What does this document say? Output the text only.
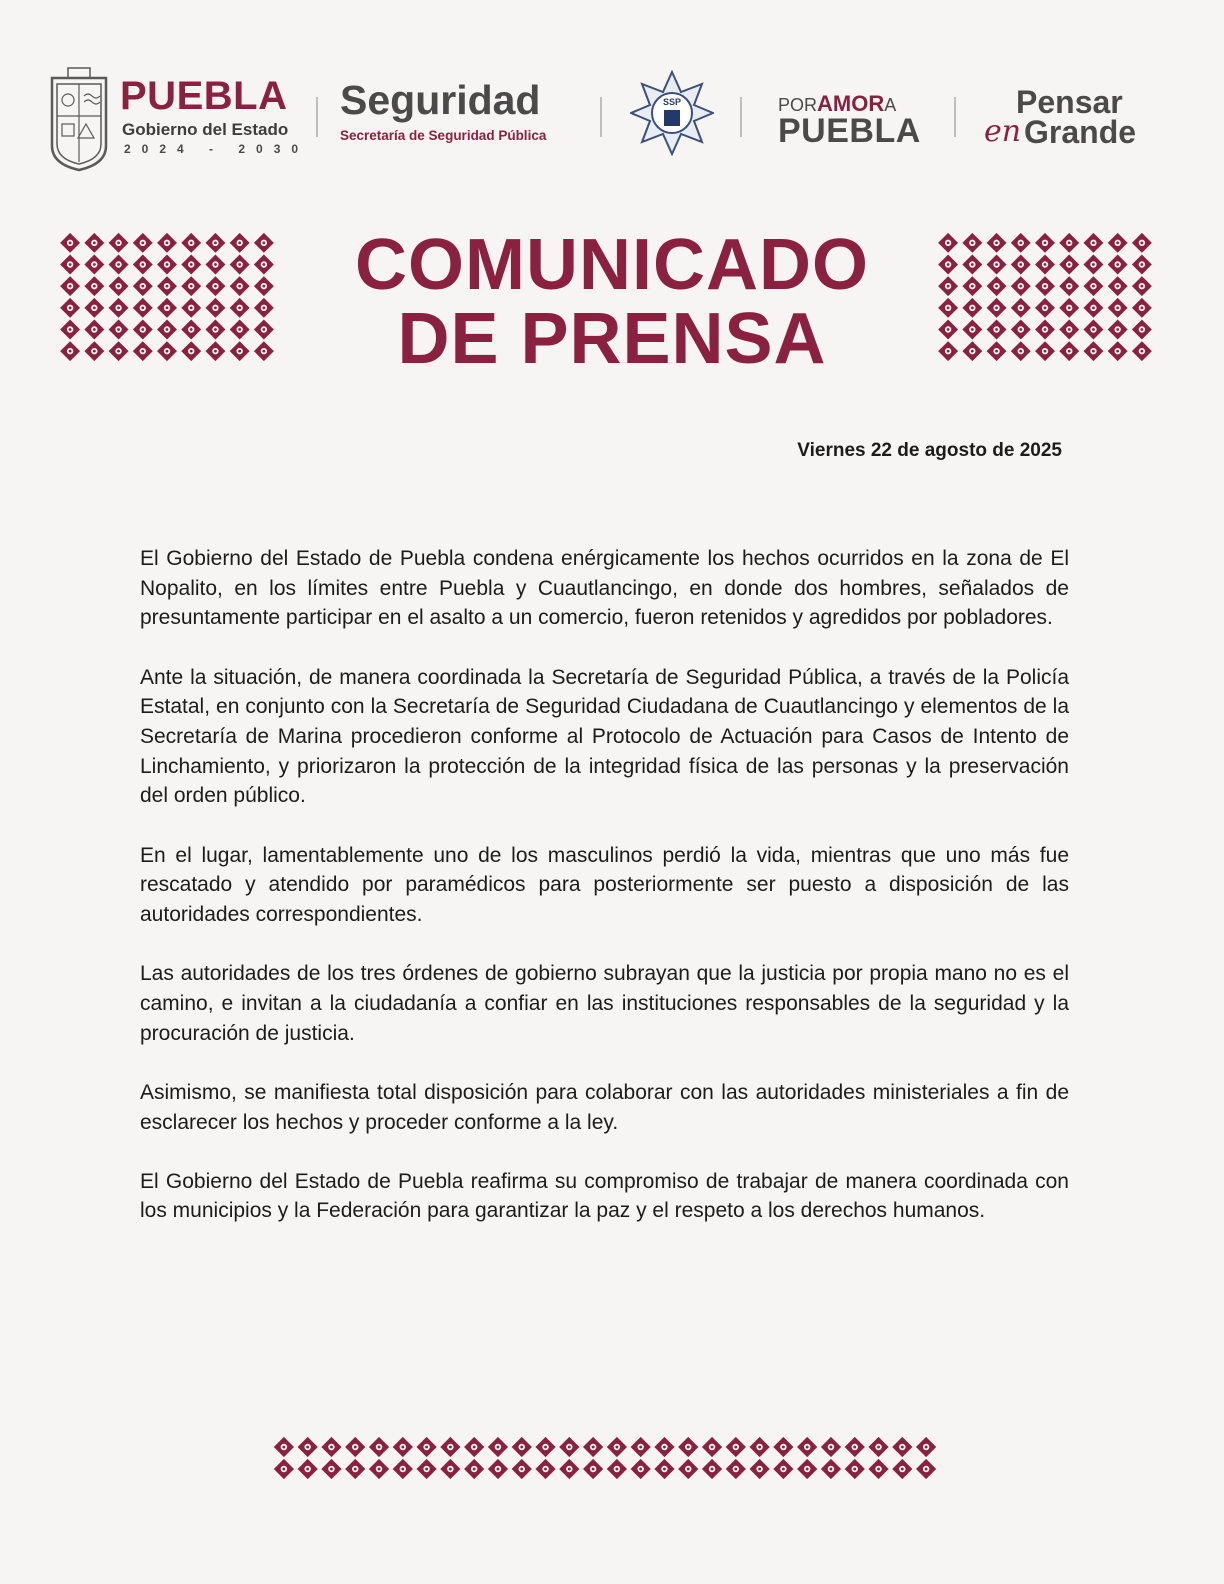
PUEBLA
Gobierno del Estado
2024 - 2030
Seguridad
Secretaría de Seguridad Pública
SSP	PORAMORA
PUEBLA
Pensar
en Grande
COMUNICADO
DE PRENSA
Viernes 22 de agosto de 2025

El Gobierno del Estado de Puebla condena enérgicamente los hechos ocurridos en la zona de El Nopalito, en los límites entre Puebla y Cuautlancingo, en donde dos hombres, señalados de presuntamente participar en el asalto a un comercio, fueron retenidos y agredidos por pobladores.

Ante la situación, de manera coordinada la Secretaría de Seguridad Pública, a través de la Policía Estatal, en conjunto con la Secretaría de Seguridad Ciudadana de Cuautlancingo y elementos de la Secretaría de Marina procedieron conforme al Protocolo de Actuación para Casos de Intento de Linchamiento, y priorizaron la protección de la integridad física de las personas y la preservación del orden público.

En el lugar, lamentablemente uno de los masculinos perdió la vida, mientras que uno más fue rescatado y atendido por paramédicos para posteriormente ser puesto a disposición de las autoridades correspondientes.

Las autoridades de los tres órdenes de gobierno subrayan que la justicia por propia mano no es el camino, e invitan a la ciudadanía a confiar en las instituciones responsables de la seguridad y la procuración de justicia.

Asimismo, se manifiesta total disposición para colaborar con las autoridades ministeriales a fin de esclarecer los hechos y proceder conforme a la ley.

El Gobierno del Estado de Puebla reafirma su compromiso de trabajar de manera coordinada con los municipios y la Federación para garantizar la paz y el respeto a los derechos humanos.
